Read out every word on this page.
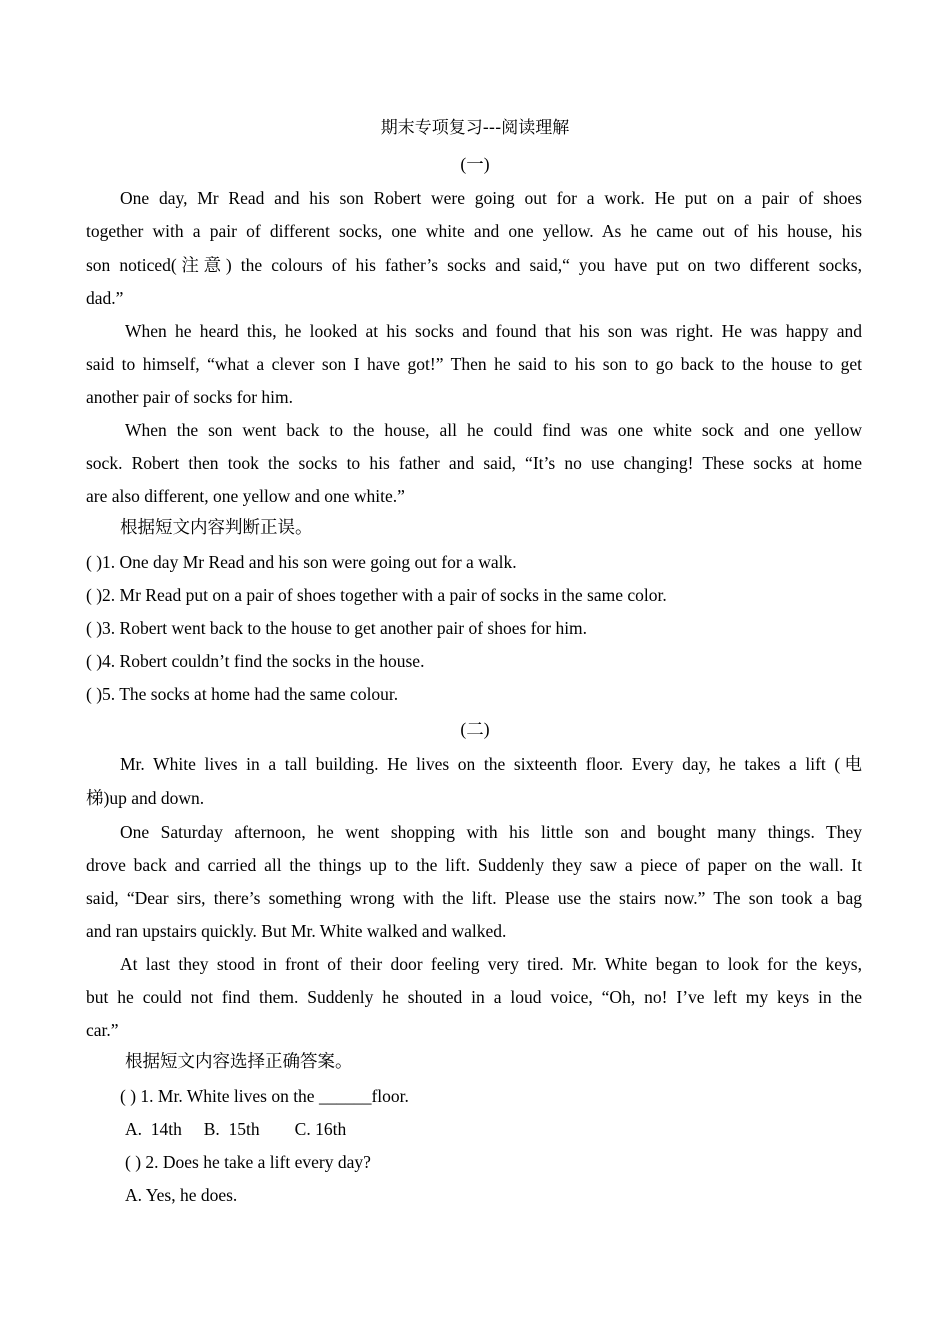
期末专项复习---阅读理解
(一)
One day, Mr Read and his son Robert were going out for a work. He put on a pair of shoes
together with a pair of different socks, one white and one yellow. As he came out of his house, his
son noticed(注意) the colours of his father’s socks and said,“ you have put on two different socks,
dad.”
When he heard this, he looked at his socks and found that his son was right. He was happy and
said to himself, “what a clever son I have got!” Then he said to his son to go back to the house to get
another pair of socks for him.
When the son went back to the house, all he could find was one white sock and one yellow
sock. Robert then took the socks to his father and said, “It’s no use changing! These socks at home
are also different, one yellow and one white.”
根据短文内容判断正误。
( )1. One day Mr Read and his son were going out for a walk.
( )2. Mr Read put on a pair of shoes together with a pair of socks in the same color.
( )3. Robert went back to the house to get another pair of shoes for him.
( )4. Robert couldn’t find the socks in the house.
( )5. The socks at home had the same colour.
(二)
Mr. White lives in a tall building. He lives on the sixteenth floor. Every day, he takes a lift (电
梯)up and down.
One Saturday afternoon, he went shopping with his little son and bought many things. They
drove back and carried all the things up to the lift. Suddenly they saw a piece of paper on the wall. It
said, “Dear sirs, there’s something wrong with the lift. Please use the stairs now.” The son took a bag
and ran upstairs quickly. But Mr. White walked and walked.
At last they stood in front of their door feeling very tired. Mr. White began to look for the keys,
but he could not find them. Suddenly he shouted in a loud voice, “Oh, no! I’ve left my keys in the
car.”
根据短文内容选择正确答案。
( ) 1. Mr. White lives on the ______floor.
A.  14th     B.  15th        C. 16th
( ) 2. Does he take a lift every day?
A. Yes, he does.
